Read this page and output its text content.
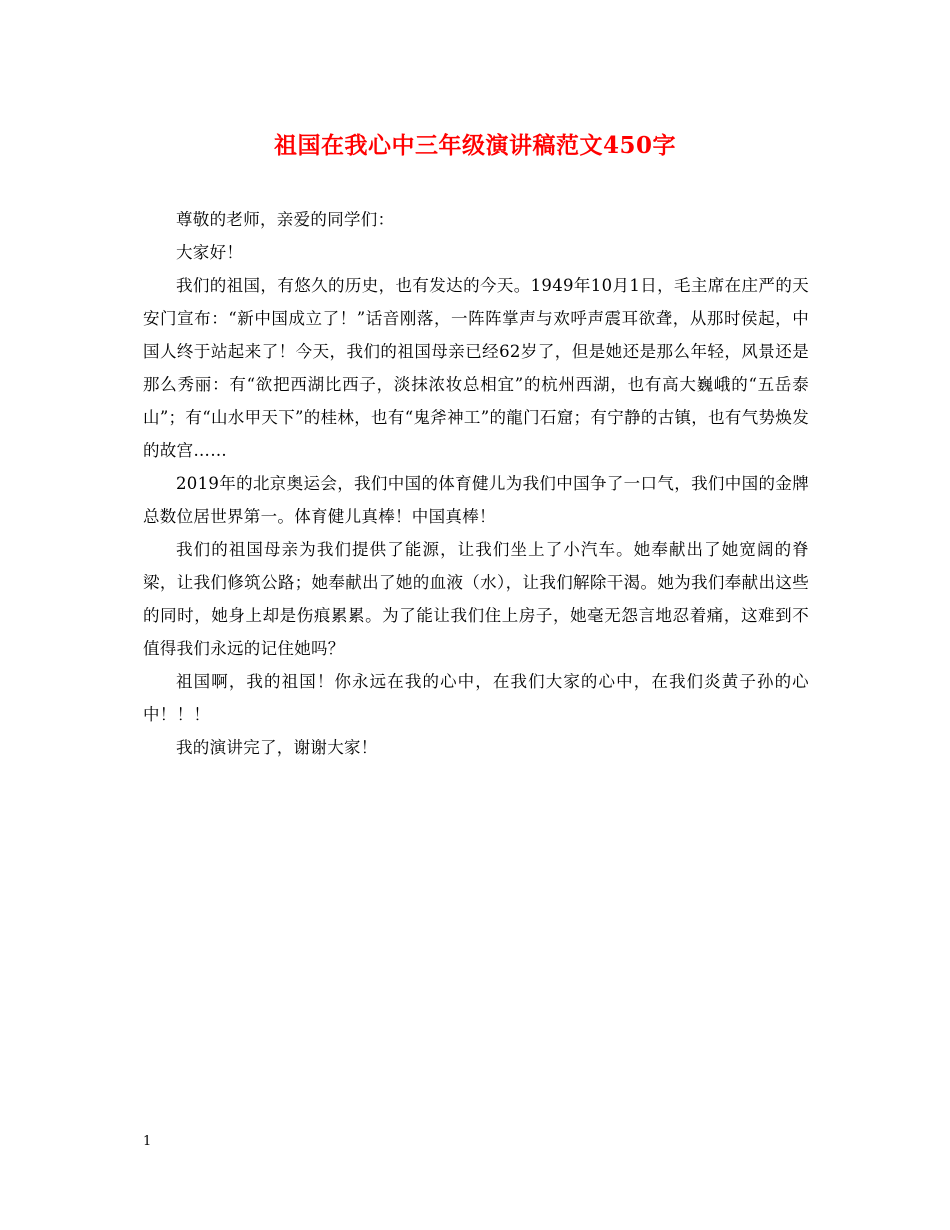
祖国在我心中三年级演讲稿范文450字

尊敬的老师，亲爱的同学们：

大家好！

我们的祖国，有悠久的历史，也有发达的今天。1949年10月1日，毛主席在庄严的天安门宣布：“新中国成立了！”话音刚落，一阵阵掌声与欢呼声震耳欲聋，从那时侯起，中国人终于站起来了！今天，我们的祖国母亲已经62岁了，但是她还是那么年轻，风景还是那么秀丽：有“欲把西湖比西子，淡抹浓妆总相宜”的杭州西湖，也有高大巍峨的“五岳泰山”；有“山水甲天下”的桂林，也有“鬼斧神工”的龍门石窟；有宁静的古镇，也有气势焕发的故宫……

2019年的北京奥运会，我们中国的体育健儿为我们中国争了一口气，我们中国的金牌总数位居世界第一。体育健儿真棒！中国真棒！

我们的祖国母亲为我们提供了能源，让我们坐上了小汽车。她奉献出了她宽阔的脊梁，让我们修筑公路；她奉献出了她的血液（水），让我们解除干渴。她为我们奉献出这些的同时，她身上却是伤痕累累。为了能让我们住上房子，她毫无怨言地忍着痛，这难到不值得我们永远的记住她吗？

祖国啊，我的祖国！你永远在我的心中，在我们大家的心中，在我们炎黄子孙的心中！！！

我的演讲完了，谢谢大家！

1
